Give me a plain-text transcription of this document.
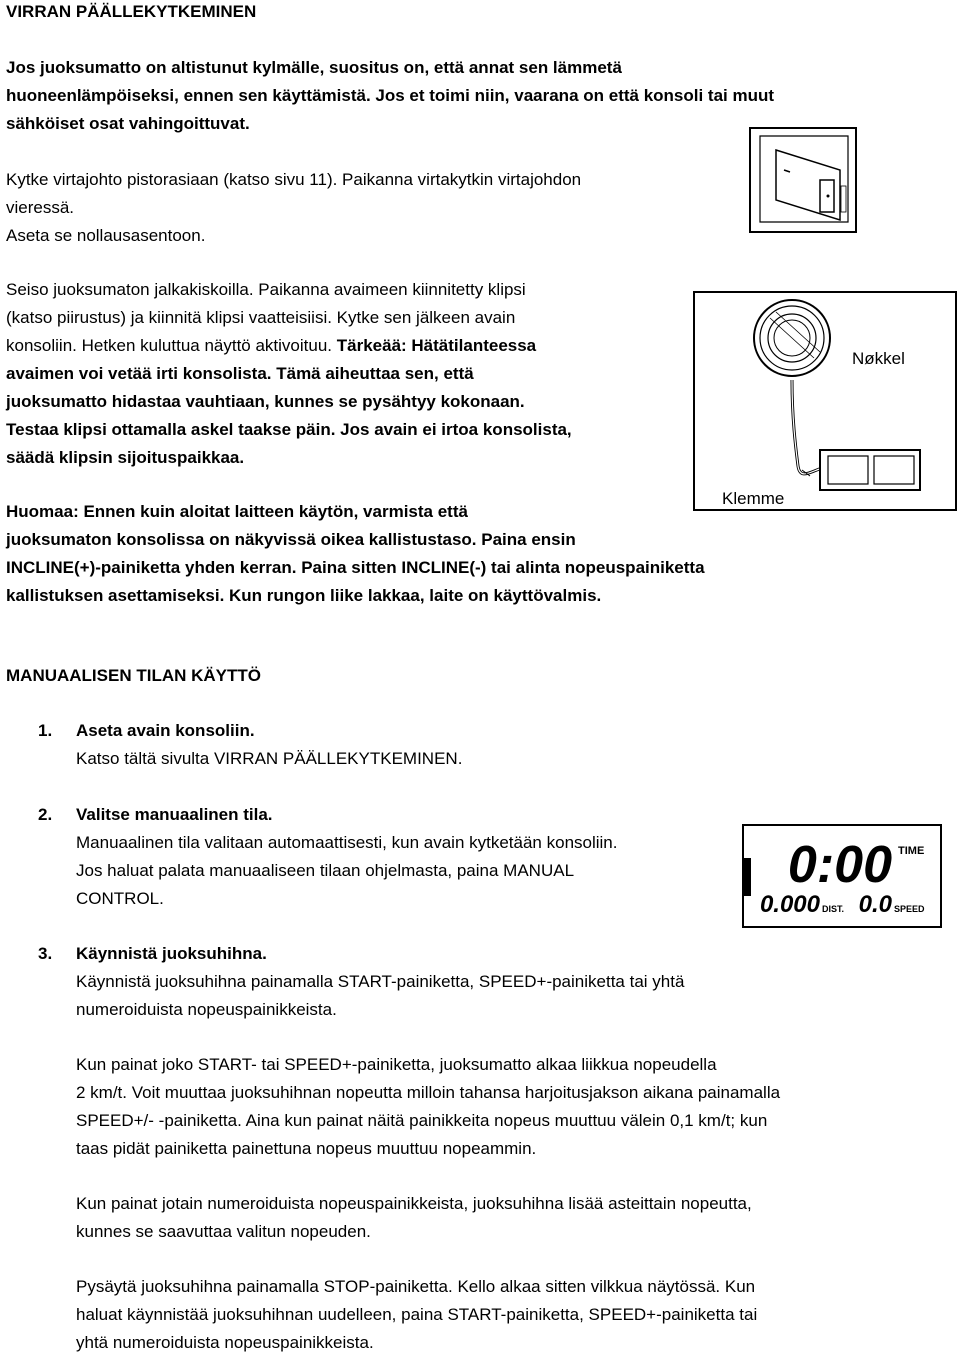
VIRRAN PÄÄLLEKYTKEMINEN
Jos juoksumatto on altistunut kylmälle, suositus on, että annat sen lämmetä
huoneenlämpöiseksi, ennen sen käyttämistä. Jos et toimi niin, vaarana on että konsoli tai muut
sähköiset osat vahingoittuvat.
Kytke virtajohto pistorasiaan (katso sivu 11). Paikanna virtakytkin virtajohdon
vieressä.
Aseta se nollausasentoon.
Seiso juoksumaton jalkakiskoilla. Paikanna avaimeen kiinnitetty klipsi
(katso piirustus) ja kiinnitä klipsi vaatteisiisi. Kytke sen jälkeen avain
konsoliin. Hetken kuluttua näyttö aktivoituu. Tärkeää: Hätätilanteessa
avaimen voi vetää irti konsolista. Tämä aiheuttaa sen, että
juoksumatto hidastaa vauhtiaan, kunnes se pysähtyy kokonaan.
Testaa klipsi ottamalla askel taakse päin. Jos avain ei irtoa konsolista,
säädä klipsin sijoituspaikkaa.
Huomaa: Ennen kuin aloitat laitteen käytön, varmista että
juoksumaton konsolissa on näkyvissä oikea kallistustaso. Paina ensin
INCLINE(+)-painiketta yhden kerran. Paina sitten INCLINE(-) tai alinta nopeuspainiketta
kallistuksen asettamiseksi. Kun rungon liike lakkaa, laite on käyttövalmis.
Nøkkel
Klemme
MANUAALISEN TILAN KÄYTTÖ
1. Aseta avain konsoliin.
Katso tältä sivulta VIRRAN PÄÄLLEKYTKEMINEN.
2. Valitse manuaalinen tila.
Manuaalinen tila valitaan automaattisesti, kun avain kytketään konsoliin.
Jos haluat palata manuaaliseen tilaan ohjelmasta, paina MANUAL
CONTROL.
3. Käynnistä juoksuhihna.
Käynnistä juoksuhihna painamalla START-painiketta, SPEED+-painiketta tai yhtä
numeroiduista nopeuspainikkeista.
Kun painat joko START- tai SPEED+-painiketta, juoksumatto alkaa liikkua nopeudella
2 km/t. Voit muuttaa juoksuhihnan nopeutta milloin tahansa harjoitusjakson aikana painamalla
SPEED+/- -painiketta. Aina kun painat näitä painikkeita nopeus muuttuu välein 0,1 km/t; kun
taas pidät painiketta painettuna nopeus muuttuu nopeammin.
Kun painat jotain numeroiduista nopeuspainikkeista, juoksuhihna lisää asteittain nopeutta,
kunnes se saavuttaa valitun nopeuden.
Pysäytä juoksuhihna painamalla STOP-painiketta. Kello alkaa sitten vilkkua näytössä. Kun
haluat käynnistää juoksuhihnan uudelleen, paina START-painiketta, SPEED+-painiketta tai
yhtä numeroiduista nopeuspainikkeista.
0:00 TIME
0.000 DIST. 0.0 SPEED
